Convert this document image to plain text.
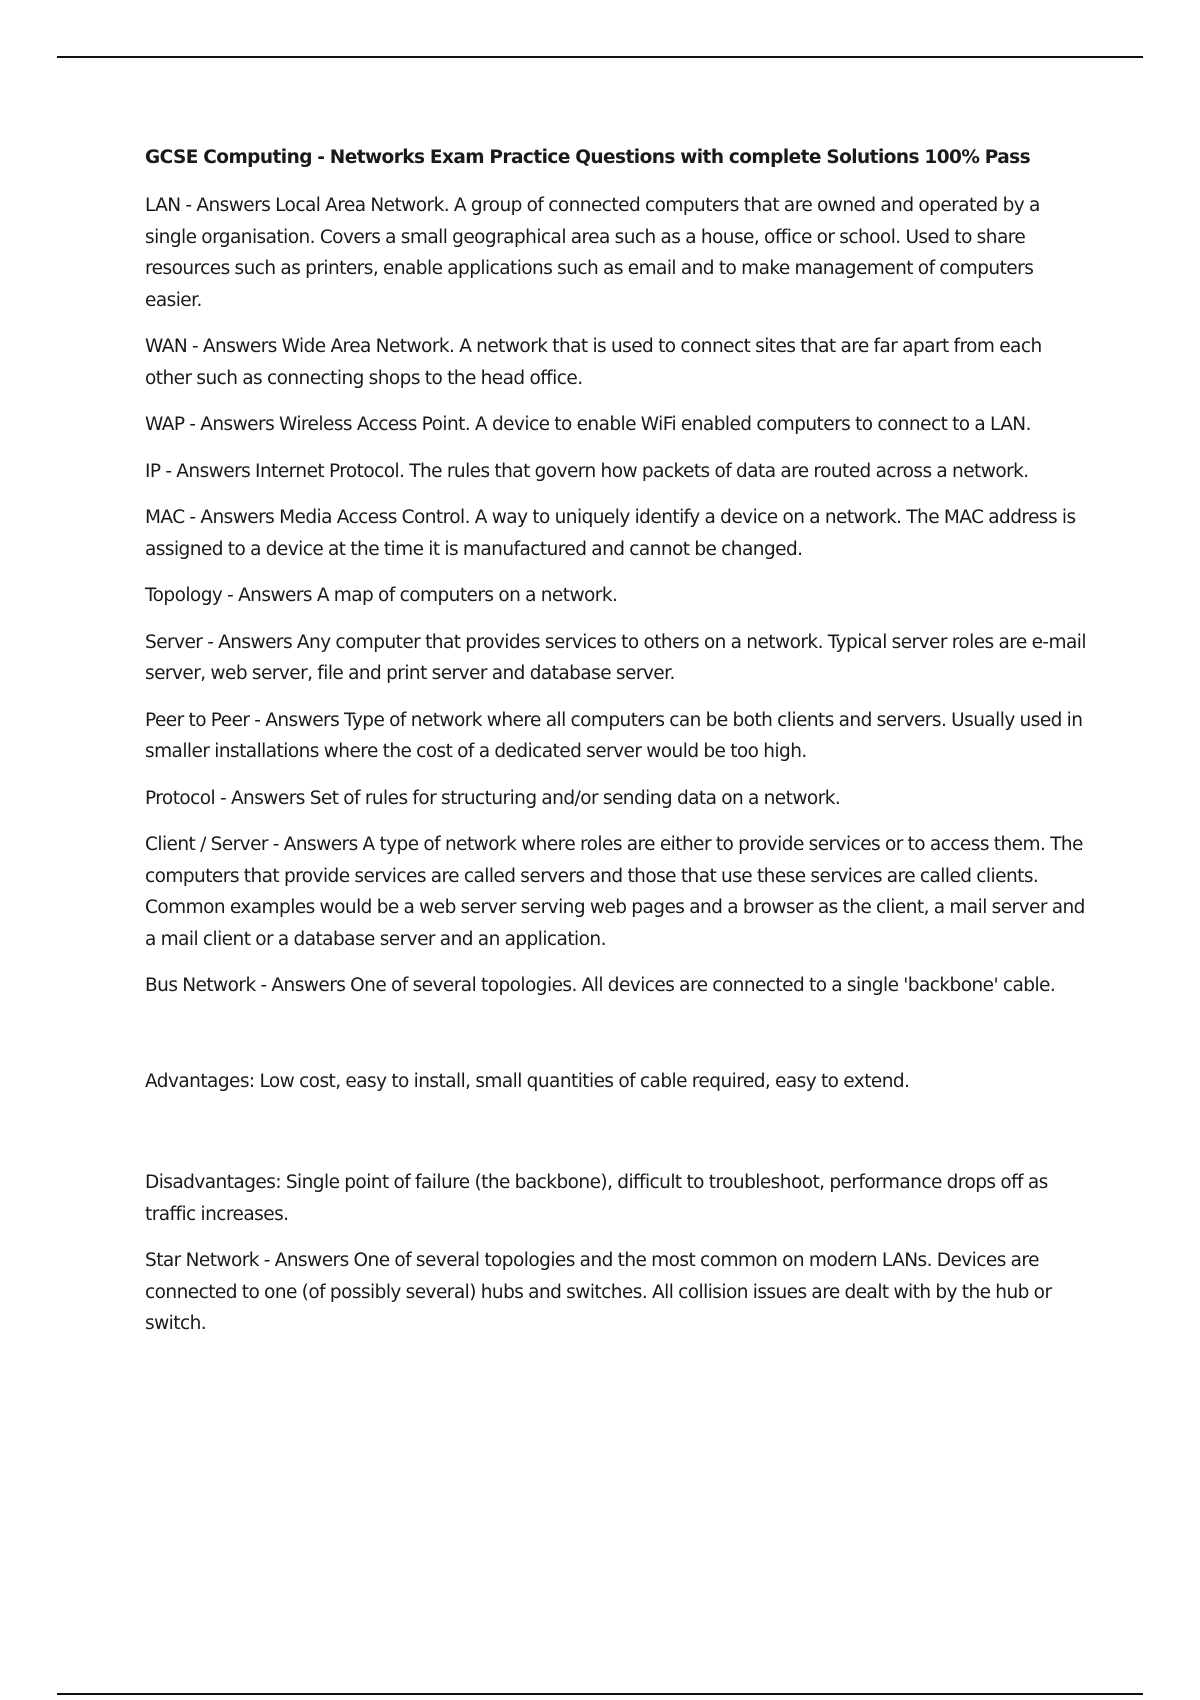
GCSE Computing - Networks Exam Practice Questions with complete Solutions 100% Pass

LAN - Answers Local Area Network. A group of connected computers that are owned and operated by a single organisation. Covers a small geographical area such as a house, office or school. Used to share resources such as printers, enable applications such as email and to make management of computers easier.

WAN - Answers Wide Area Network. A network that is used to connect sites that are far apart from each other such as connecting shops to the head office.

WAP - Answers Wireless Access Point. A device to enable WiFi enabled computers to connect to a LAN.

IP - Answers Internet Protocol. The rules that govern how packets of data are routed across a network.

MAC - Answers Media Access Control. A way to uniquely identify a device on a network. The MAC address is assigned to a device at the time it is manufactured and cannot be changed.

Topology - Answers A map of computers on a network.

Server - Answers Any computer that provides services to others on a network. Typical server roles are e-mail server, web server, file and print server and database server.

Peer to Peer - Answers Type of network where all computers can be both clients and servers. Usually used in smaller installations where the cost of a dedicated server would be too high.

Protocol - Answers Set of rules for structuring and/or sending data on a network.

Client / Server - Answers A type of network where roles are either to provide services or to access them. The computers that provide services are called servers and those that use these services are called clients. Common examples would be a web server serving web pages and a browser as the client, a mail server and a mail client or a database server and an application.

Bus Network - Answers One of several topologies. All devices are connected to a single 'backbone' cable.

Advantages: Low cost, easy to install, small quantities of cable required, easy to extend.

Disadvantages: Single point of failure (the backbone), difficult to troubleshoot, performance drops off as traffic increases.

Star Network - Answers One of several topologies and the most common on modern LANs. Devices are connected to one (of possibly several) hubs and switches. All collision issues are dealt with by the hub or switch.
